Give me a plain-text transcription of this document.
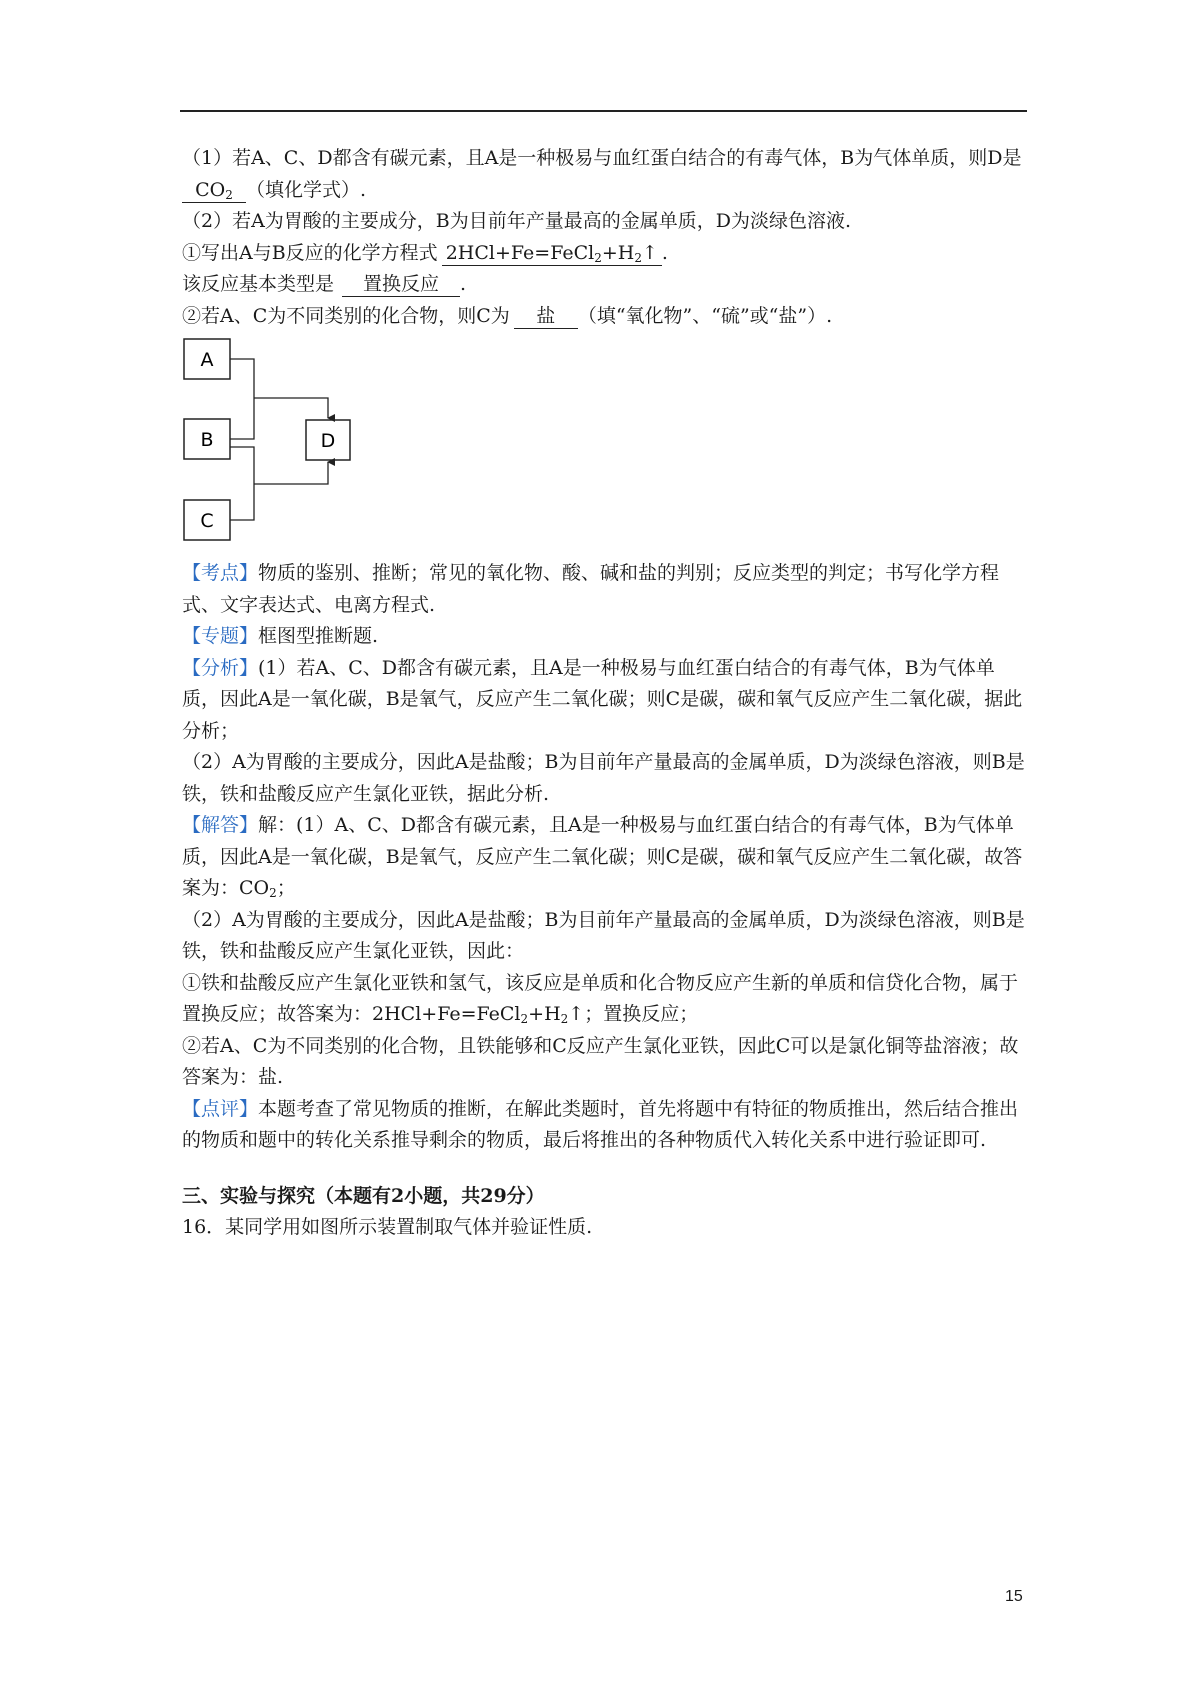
（1）若A、C、D都含有碳元素，且A是一种极易与血红蛋白结合的有毒气体，B为气体单质，则D是$CO_2$ （填化学式）.

（2）若A为胃酸的主要成分，B为目前年产量最高的金属单质，D为淡绿色溶液.

①写出A与B反应的化学方程式 $2HCl+Fe=FeCl_2+H_2↑$ .

该反应基本类型是 置换反应 .

②若A、C为不同类别的化合物，则C为 盐 （填“氧化物”、“硫”或“盐”）.

A
B
C
D

【考点】物质的鉴别、推断；常见的氧化物、酸、碱和盐的判别；反应类型的判定；书写化学方程式、文字表达式、电离方程式.

【专题】框图型推断题.

【分析】(1）若A、C、D都含有碳元素，且A是一种极易与血红蛋白结合的有毒气体，B为气体单质，因此A是一氧化碳，B是氧气，反应产生二氧化碳；则C是碳，碳和氧气反应产生二氧化碳，据此分析；

（2）A为胃酸的主要成分，因此A是盐酸；B为目前年产量最高的金属单质，D为淡绿色溶液，则B是铁，铁和盐酸反应产生氯化亚铁，据此分析.

【解答】解：(1）A、C、D都含有碳元素，且A是一种极易与血红蛋白结合的有毒气体，B为气体单质，因此A是一氧化碳，B是氧气，反应产生二氧化碳；则C是碳，碳和氧气反应产生二氧化碳，故答案为：$CO_2$；

（2）A为胃酸的主要成分，因此A是盐酸；B为目前年产量最高的金属单质，D为淡绿色溶液，则B是铁，铁和盐酸反应产生氯化亚铁，因此：

①铁和盐酸反应产生氯化亚铁和氢气，该反应是单质和化合物反应产生新的单质和信贷化合物，属于置换反应；故答案为：$2HCl+Fe=FeCl_2+H_2↑$；置换反应；

②若A、C为不同类别的化合物，且铁能够和C反应产生氯化亚铁，因此C可以是氯化铜等盐溶液；故答案为：盐.

【点评】本题考查了常见物质的推断，在解此类题时，首先将题中有特征的物质推出，然后结合推出的物质和题中的转化关系推导剩余的物质，最后将推出的各种物质代入转化关系中进行验证即可.

三、实验与探究（本题有2小题，共29分）

16．某同学用如图所示装置制取气体并验证性质.

15
